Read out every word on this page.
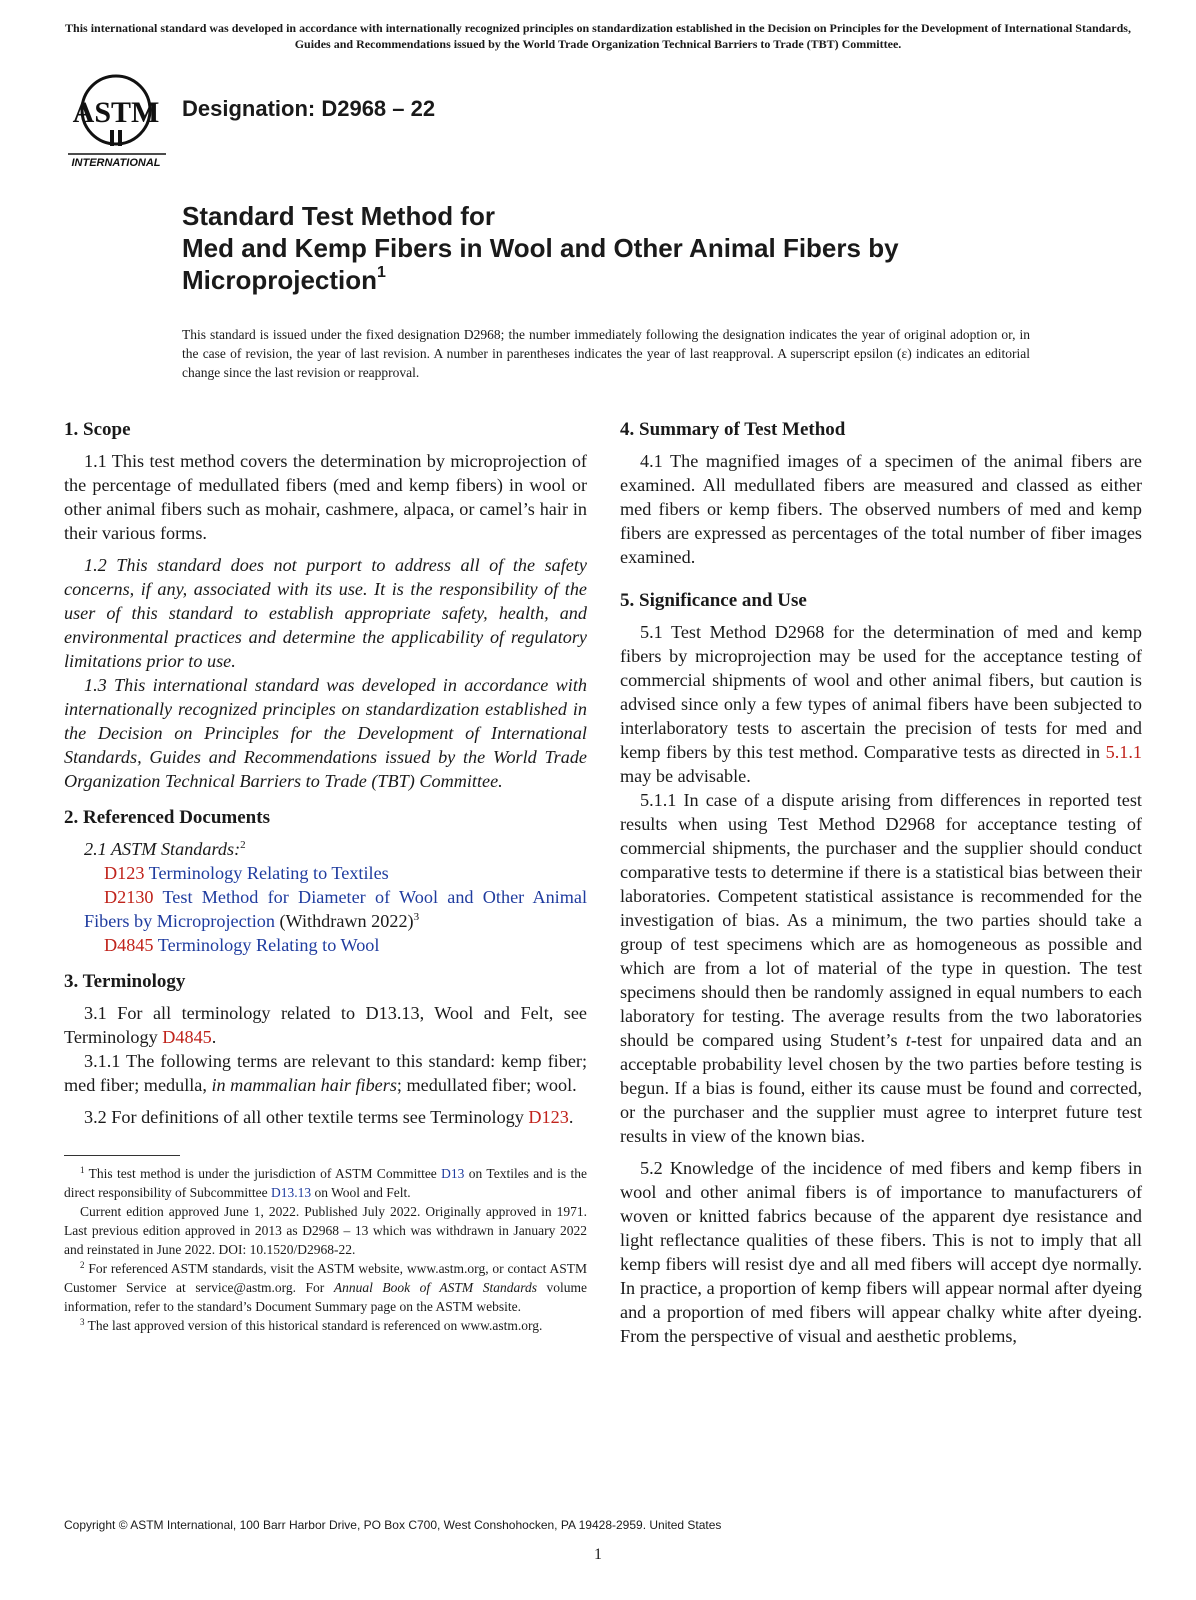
This international standard was developed in accordance with internationally recognized principles on standardization established in the Decision on Principles for the Development of International Standards, Guides and Recommendations issued by the World Trade Organization Technical Barriers to Trade (TBT) Committee.
ASTM
INTERNATIONAL
Designation: D2968 – 22
Standard Test Method for
Med and Kemp Fibers in Wool and Other Animal Fibers by
Microprojection$^1$
This standard is issued under the fixed designation D2968; the number immediately following the designation indicates the year of original adoption or, in the case of revision, the year of last revision. A number in parentheses indicates the year of last reapproval. A superscript epsilon (ε) indicates an editorial change since the last revision or reapproval.
1. Scope

1.1 This test method covers the determination by microprojection of the percentage of medullated fibers (med and kemp fibers) in wool or other animal fibers such as mohair, cashmere, alpaca, or camel’s hair in their various forms.

1.2 This standard does not purport to address all of the safety concerns, if any, associated with its use. It is the responsibility of the user of this standard to establish appropriate safety, health, and environmental practices and determine the applicability of regulatory limitations prior to use.

1.3 This international standard was developed in accordance with internationally recognized principles on standardization established in the Decision on Principles for the Development of International Standards, Guides and Recommendations issued by the World Trade Organization Technical Barriers to Trade (TBT) Committee.

2. Referenced Documents

2.1 ASTM Standards:$^2$

D123 Terminology Relating to Textiles

D2130 Test Method for Diameter of Wool and Other Animal Fibers by Microprojection (Withdrawn 2022)$^3$

D4845 Terminology Relating to Wool

3. Terminology

3.1 For all terminology related to D13.13, Wool and Felt, see Terminology D4845.

3.1.1 The following terms are relevant to this standard: kemp fiber; med fiber; medulla, in mammalian hair fibers; medullated fiber; wool.

3.2 For definitions of all other textile terms see Terminology D123.

$^1$ This test method is under the jurisdiction of ASTM Committee D13 on Textiles and is the direct responsibility of Subcommittee D13.13 on Wool and Felt.

Current edition approved June 1, 2022. Published July 2022. Originally approved in 1971. Last previous edition approved in 2013 as D2968 – 13 which was withdrawn in January 2022 and reinstated in June 2022. DOI: 10.1520/D2968-22.

$^2$ For referenced ASTM standards, visit the ASTM website, www.astm.org, or contact ASTM Customer Service at service@astm.org. For Annual Book of ASTM Standards volume information, refer to the standard’s Document Summary page on the ASTM website.

$^3$ The last approved version of this historical standard is referenced on www.astm.org.

4. Summary of Test Method

4.1 The magnified images of a specimen of the animal fibers are examined. All medullated fibers are measured and classed as either med fibers or kemp fibers. The observed numbers of med and kemp fibers are expressed as percentages of the total number of fiber images examined.

5. Significance and Use

5.1 Test Method D2968 for the determination of med and kemp fibers by microprojection may be used for the acceptance testing of commercial shipments of wool and other animal fibers, but caution is advised since only a few types of animal fibers have been subjected to interlaboratory tests to ascertain the precision of tests for med and kemp fibers by this test method. Comparative tests as directed in 5.1.1 may be advisable.

5.1.1 In case of a dispute arising from differences in reported test results when using Test Method D2968 for acceptance testing of commercial shipments, the purchaser and the supplier should conduct comparative tests to determine if there is a statistical bias between their laboratories. Competent statistical assistance is recommended for the investigation of bias. As a minimum, the two parties should take a group of test specimens which are as homogeneous as possible and which are from a lot of material of the type in question. The test specimens should then be randomly assigned in equal numbers to each laboratory for testing. The average results from the two laboratories should be compared using Student’s t-test for unpaired data and an acceptable probability level chosen by the two parties before testing is begun. If a bias is found, either its cause must be found and corrected, or the purchaser and the supplier must agree to interpret future test results in view of the known bias.

5.2 Knowledge of the incidence of med fibers and kemp fibers in wool and other animal fibers is of importance to manufacturers of woven or knitted fabrics because of the apparent dye resistance and light reflectance qualities of these fibers. This is not to imply that all kemp fibers will resist dye and all med fibers will accept dye normally. In practice, a proportion of kemp fibers will appear normal after dyeing and a proportion of med fibers will appear chalky white after dyeing. From the perspective of visual and aesthetic problems,

Copyright © ASTM International, 100 Barr Harbor Drive, PO Box C700, West Conshohocken, PA 19428-2959. United States
1
